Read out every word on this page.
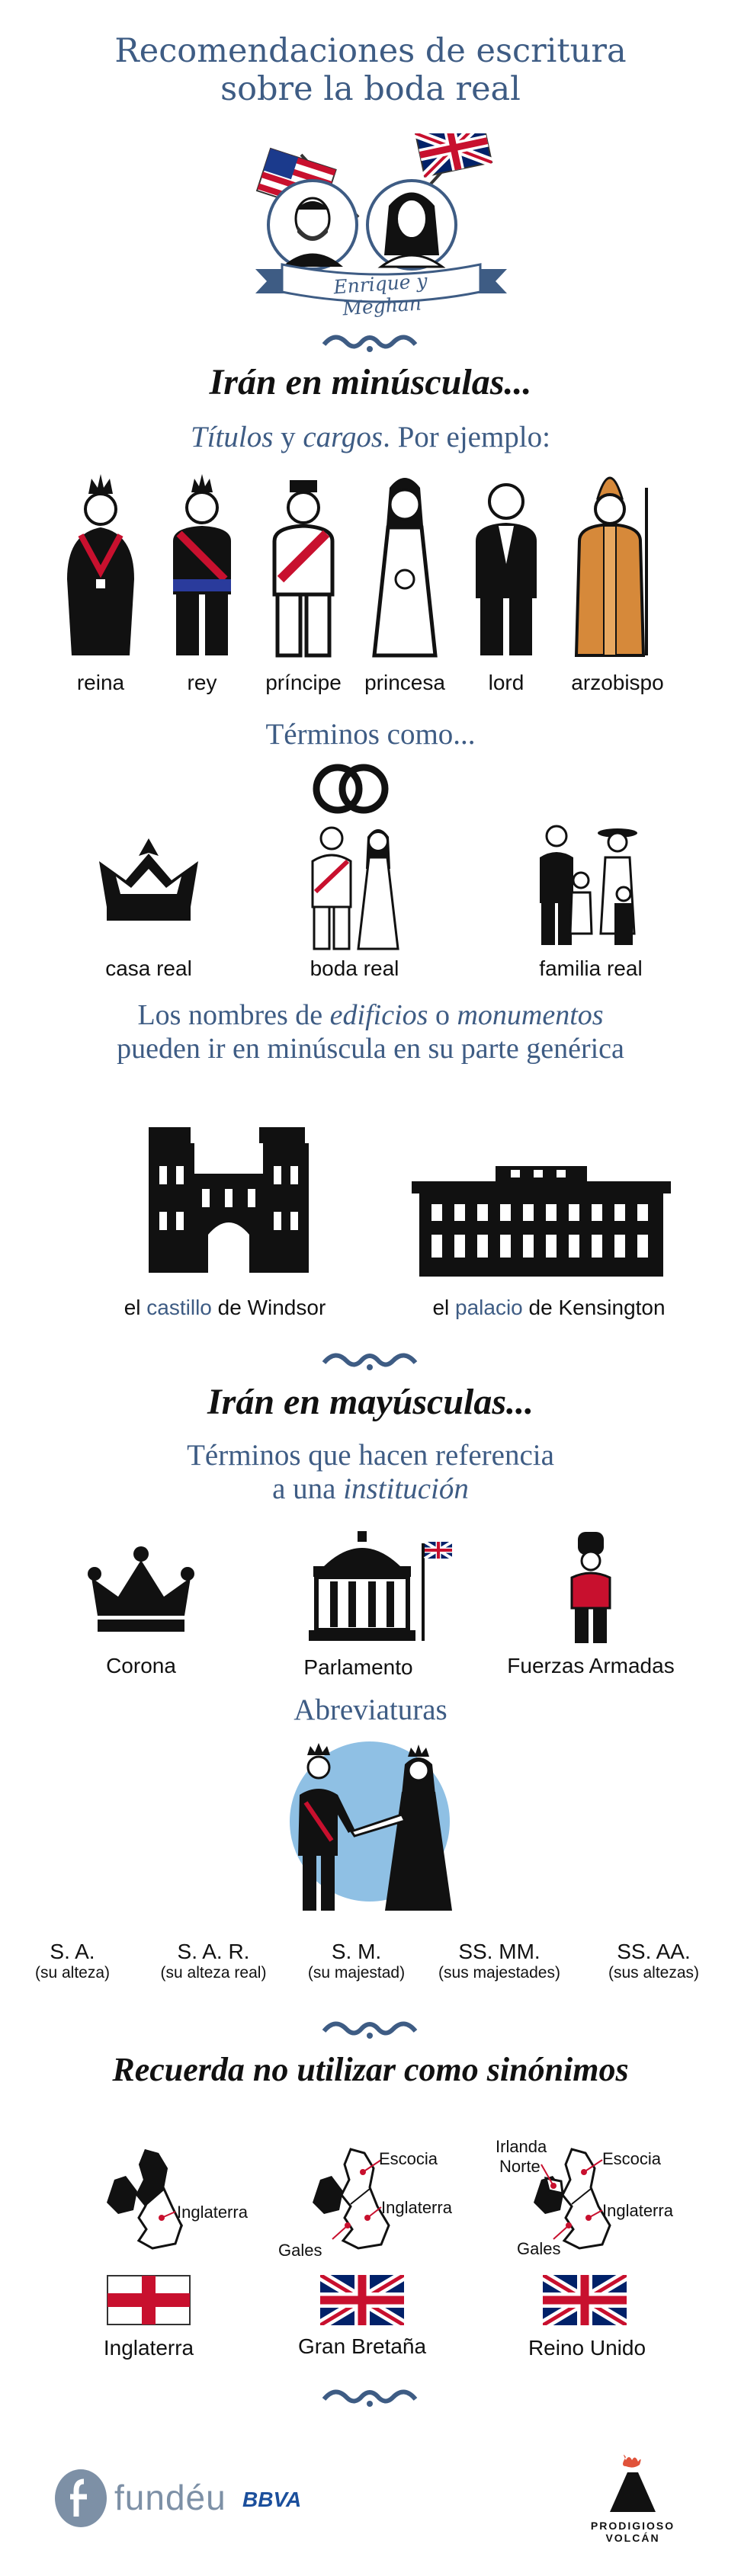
Recomendaciones de escritura
sobre la boda real
Enrique y Meghan
Irán en minúsculas...
Títulos y cargos. Por ejemplo:
reina	rey	príncipe	princesa	lord	arzobispo
Términos como...
casa real	boda real	familia real
Los nombres de edificios o monumentos
pueden ir en minúscula en su parte genérica
el castillo de Windsor	el palacio de Kensington
Irán en mayúsculas...
Términos que hacen referencia
a una institución
Corona	Parlamento	Fuerzas Armadas
Abreviaturas
S. A.
(su alteza)
S. A. R.
(su alteza real)
S. M.
(su majestad)
SS. MM.
(sus majestades)
SS. AA.
(sus altezas)
Recuerda no utilizar como sinónimos
Inglaterra
Escocia
Inglaterra
Gales
Irlanda
Norte	Escocia
Inglaterra
Gales
Inglaterra	Gran Bretaña	Reino Unido
fundéu BBVA
PRODIGIOSO VOLCÁN
